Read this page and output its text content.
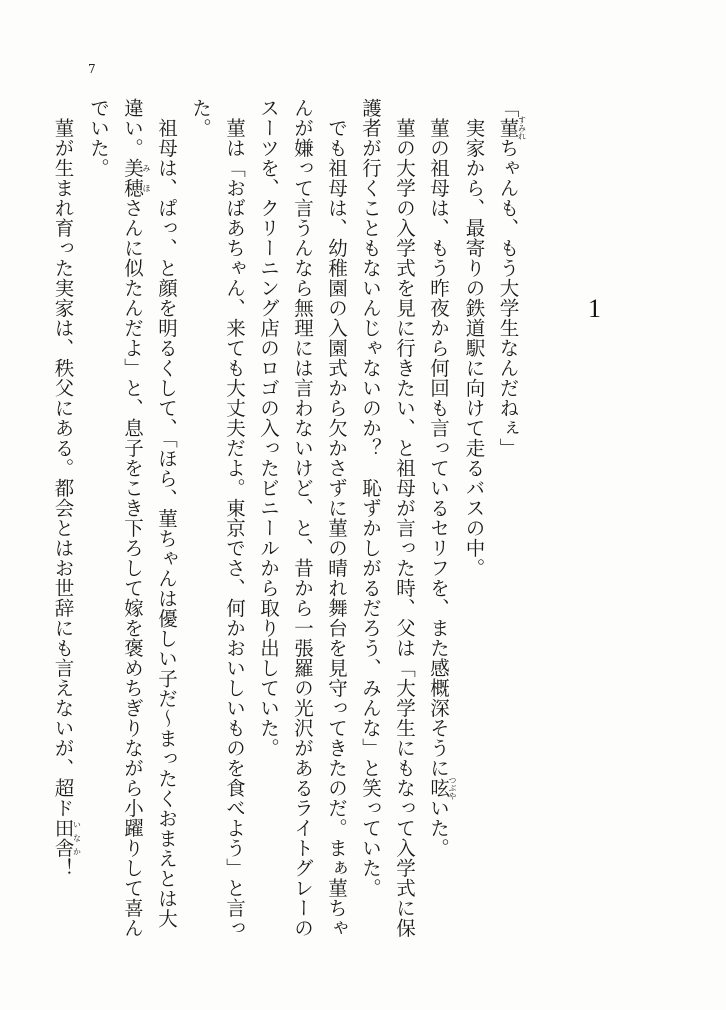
7
1

「菫すみれちゃんも、もう大学生なんだねぇ」

実家から、最寄りの鉄道駅に向けて走るバスの中。

菫の祖母は、もう昨夜から何回も言っているセリフを、また感概深そうに呟つぶやいた。

菫の大学の入学式を見に行きたい、と祖母が言った時、父は「大学生にもなって入学式に保護者が行くこともないんじゃないのか？　恥ずかしがるだろう、みんな」と笑っていた。

でも祖母は、幼稚園の入園式から欠かさずに菫の晴れ舞台を見守ってきたのだ。まぁ菫ちゃんが嫌って言うんなら無理には言わないけど、と、昔から一張羅の光沢があるライトグレーのスーツを、クリーニング店のロゴの入ったビニールから取り出していた。

菫は「おばあちゃん、来ても大丈夫だよ。東京でさ、何かおいしいものを食べよう」と言った。

祖母は、ぱっ、と顔を明るくして、「ほら、菫ちゃんは優しい子だ～まったくおまえとは大違い。美穂みほさんに似たんだよ」と、息子をこき下ろして嫁を褒めちぎりながら小躍りして喜んでいた。

菫が生まれ育った実家は、秩父にある。都会とはお世辞にも言えないが、超ド田舎いなか！
